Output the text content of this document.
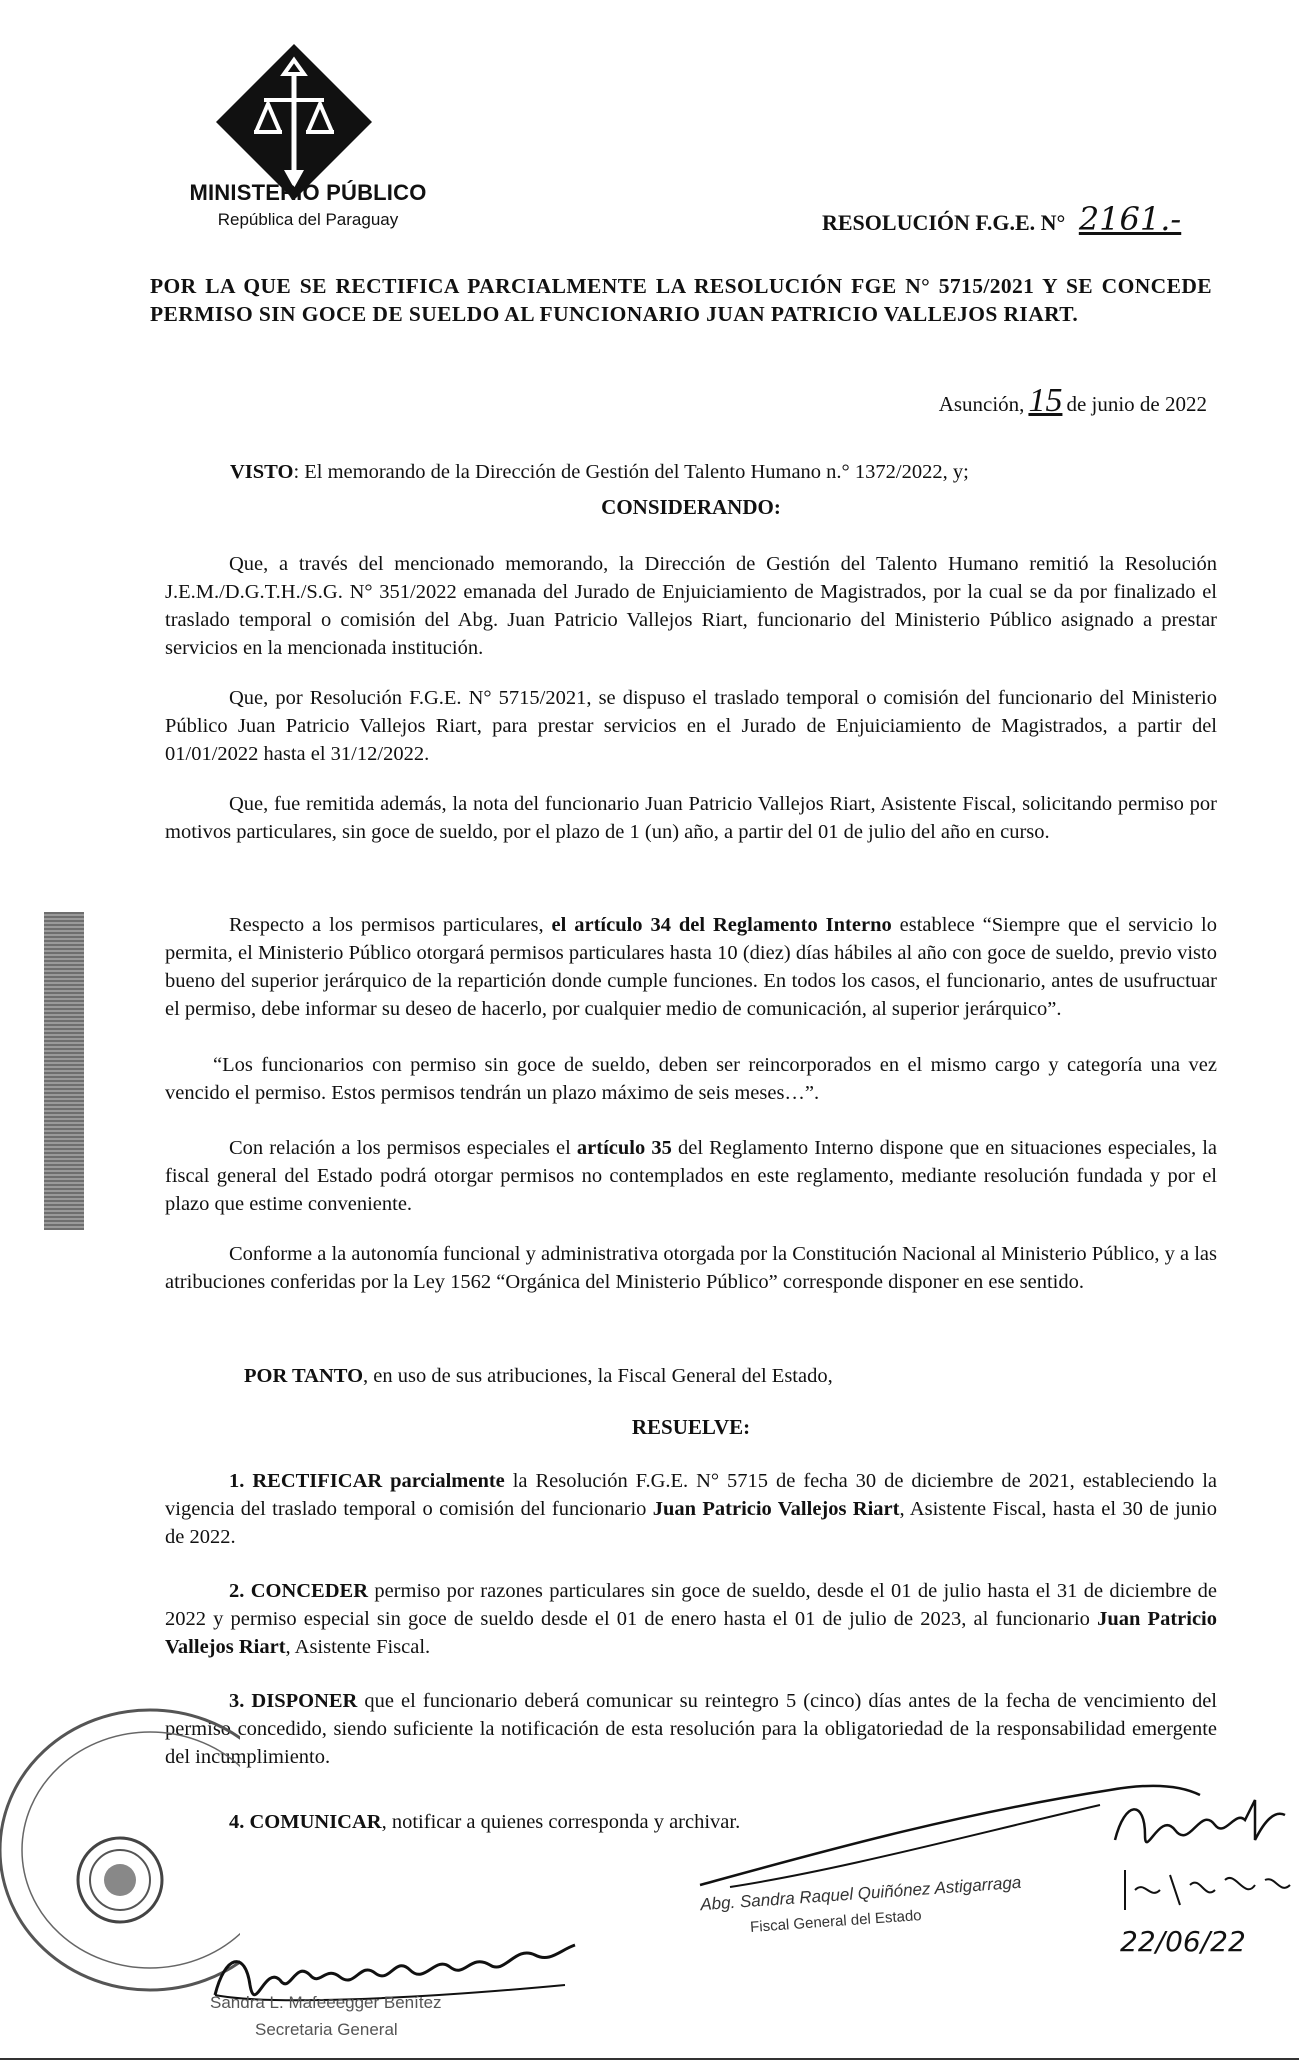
MINISTERIO PÚBLICO
República del Paraguay	RESOLUCIÓN F.G.E. N° 2161.-
POR LA QUE SE RECTIFICA PARCIALMENTE LA RESOLUCIÓN FGE N° 5715/2021 Y SE CONCEDE PERMISO SIN GOCE DE SUELDO AL FUNCIONARIO JUAN PATRICIO VALLEJOS RIART.
Asunción, 15 de junio de 2022
VISTO: El memorando de la Dirección de Gestión del Talento Humano n.° 1372/2022, y;
CONSIDERANDO:
Que, a través del mencionado memorando, la Dirección de Gestión del Talento Humano remitió la Resolución J.E.M./D.G.T.H./S.G. N° 351/2022 emanada del Jurado de Enjuiciamiento de Magistrados, por la cual se da por finalizado el traslado temporal o comisión del Abg. Juan Patricio Vallejos Riart, funcionario del Ministerio Público asignado a prestar servicios en la mencionada institución.
Que, por Resolución F.G.E. N° 5715/2021, se dispuso el traslado temporal o comisión del funcionario del Ministerio Público Juan Patricio Vallejos Riart, para prestar servicios en el Jurado de Enjuiciamiento de Magistrados, a partir del 01/01/2022 hasta el 31/12/2022.
Que, fue remitida además, la nota del funcionario Juan Patricio Vallejos Riart, Asistente Fiscal, solicitando permiso por motivos particulares, sin goce de sueldo, por el plazo de 1 (un) año, a partir del 01 de julio del año en curso.
Respecto a los permisos particulares, el artículo 34 del Reglamento Interno establece “Siempre que el servicio lo permita, el Ministerio Público otorgará permisos particulares hasta 10 (diez) días hábiles al año con goce de sueldo, previo visto bueno del superior jerárquico de la repartición donde cumple funciones. En todos los casos, el funcionario, antes de usufructuar el permiso, debe informar su deseo de hacerlo, por cualquier medio de comunicación, al superior jerárquico”.
“Los funcionarios con permiso sin goce de sueldo, deben ser reincorporados en el mismo cargo y categoría una vez vencido el permiso. Estos permisos tendrán un plazo máximo de seis meses…”.
Con relación a los permisos especiales el artículo 35 del Reglamento Interno dispone que en situaciones especiales, la fiscal general del Estado podrá otorgar permisos no contemplados en este reglamento, mediante resolución fundada y por el plazo que estime conveniente.
Conforme a la autonomía funcional y administrativa otorgada por la Constitución Nacional al Ministerio Público, y a las atribuciones conferidas por la Ley 1562 “Orgánica del Ministerio Público” corresponde disponer en ese sentido.
POR TANTO, en uso de sus atribuciones, la Fiscal General del Estado,
RESUELVE:
1. RECTIFICAR parcialmente la Resolución F.G.E. N° 5715 de fecha 30 de diciembre de 2021, estableciendo la vigencia del traslado temporal o comisión del funcionario Juan Patricio Vallejos Riart, Asistente Fiscal, hasta el 30 de junio de 2022.
2. CONCEDER permiso por razones particulares sin goce de sueldo, desde el 01 de julio hasta el 31 de diciembre de 2022 y permiso especial sin goce de sueldo desde el 01 de enero hasta el 01 de julio de 2023, al funcionario Juan Patricio Vallejos Riart, Asistente Fiscal.
3. DISPONER que el funcionario deberá comunicar su reintegro 5 (cinco) días antes de la fecha de vencimiento del permiso concedido, siendo suficiente la notificación de esta resolución para la obligatoriedad de la responsabilidad emergente del incumplimiento.
4. COMUNICAR, notificar a quienes corresponda y archivar.
Sandra L. Mafeeegger Benítez
Secretaria General
Abg. Sandra Raquel Quiñónez Astigarraga
Fiscal General del Estado
22/06/22
